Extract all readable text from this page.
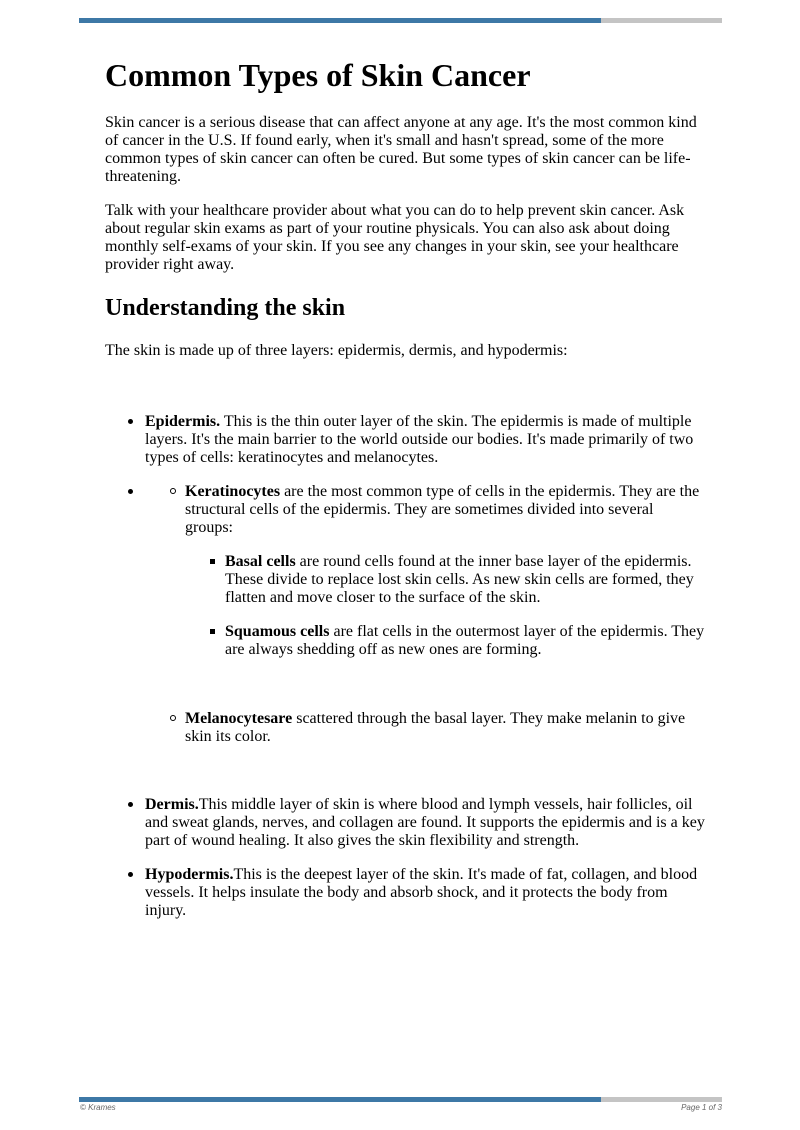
Common Types of Skin Cancer

Skin cancer is a serious disease that can affect anyone at any age. It's the most common kind of cancer in the U.S. If found early, when it's small and hasn't spread, some of the more common types of skin cancer can often be cured. But some types of skin cancer can be life-threatening.

Talk with your healthcare provider about what you can do to help prevent skin cancer. Ask about regular skin exams as part of your routine physicals. You can also ask about doing monthly self-exams of your skin. If you see any changes in your skin, see your healthcare provider right away.

Understanding the skin

The skin is made up of three layers: epidermis, dermis, and hypodermis:

Epidermis. This is the thin outer layer of the skin. The epidermis is made of multiple layers. It's the main barrier to the world outside our bodies. It's made primarily of two types of cells: keratinocytes and melanocytes.
Keratinocytes are the most common type of cells in the epidermis. They are the structural cells of the epidermis. They are sometimes divided into several groups:
Basal cells are round cells found at the inner base layer of the epidermis. These divide to replace lost skin cells. As new skin cells are formed, they flatten and move closer to the surface of the skin.
Squamous cells are flat cells in the outermost layer of the epidermis. They are always shedding off as new ones are forming.
Melanocytesare scattered through the basal layer. They make melanin to give skin its color.
Dermis.This middle layer of skin is where blood and lymph vessels, hair follicles, oil and sweat glands, nerves, and collagen are found. It supports the epidermis and is a key part of wound healing. It also gives the skin flexibility and strength.
Hypodermis.This is the deepest layer of the skin. It's made of fat, collagen, and blood vessels. It helps insulate the body and absorb shock, and it protects the body from injury.
© Krames	Page 1 of 3
